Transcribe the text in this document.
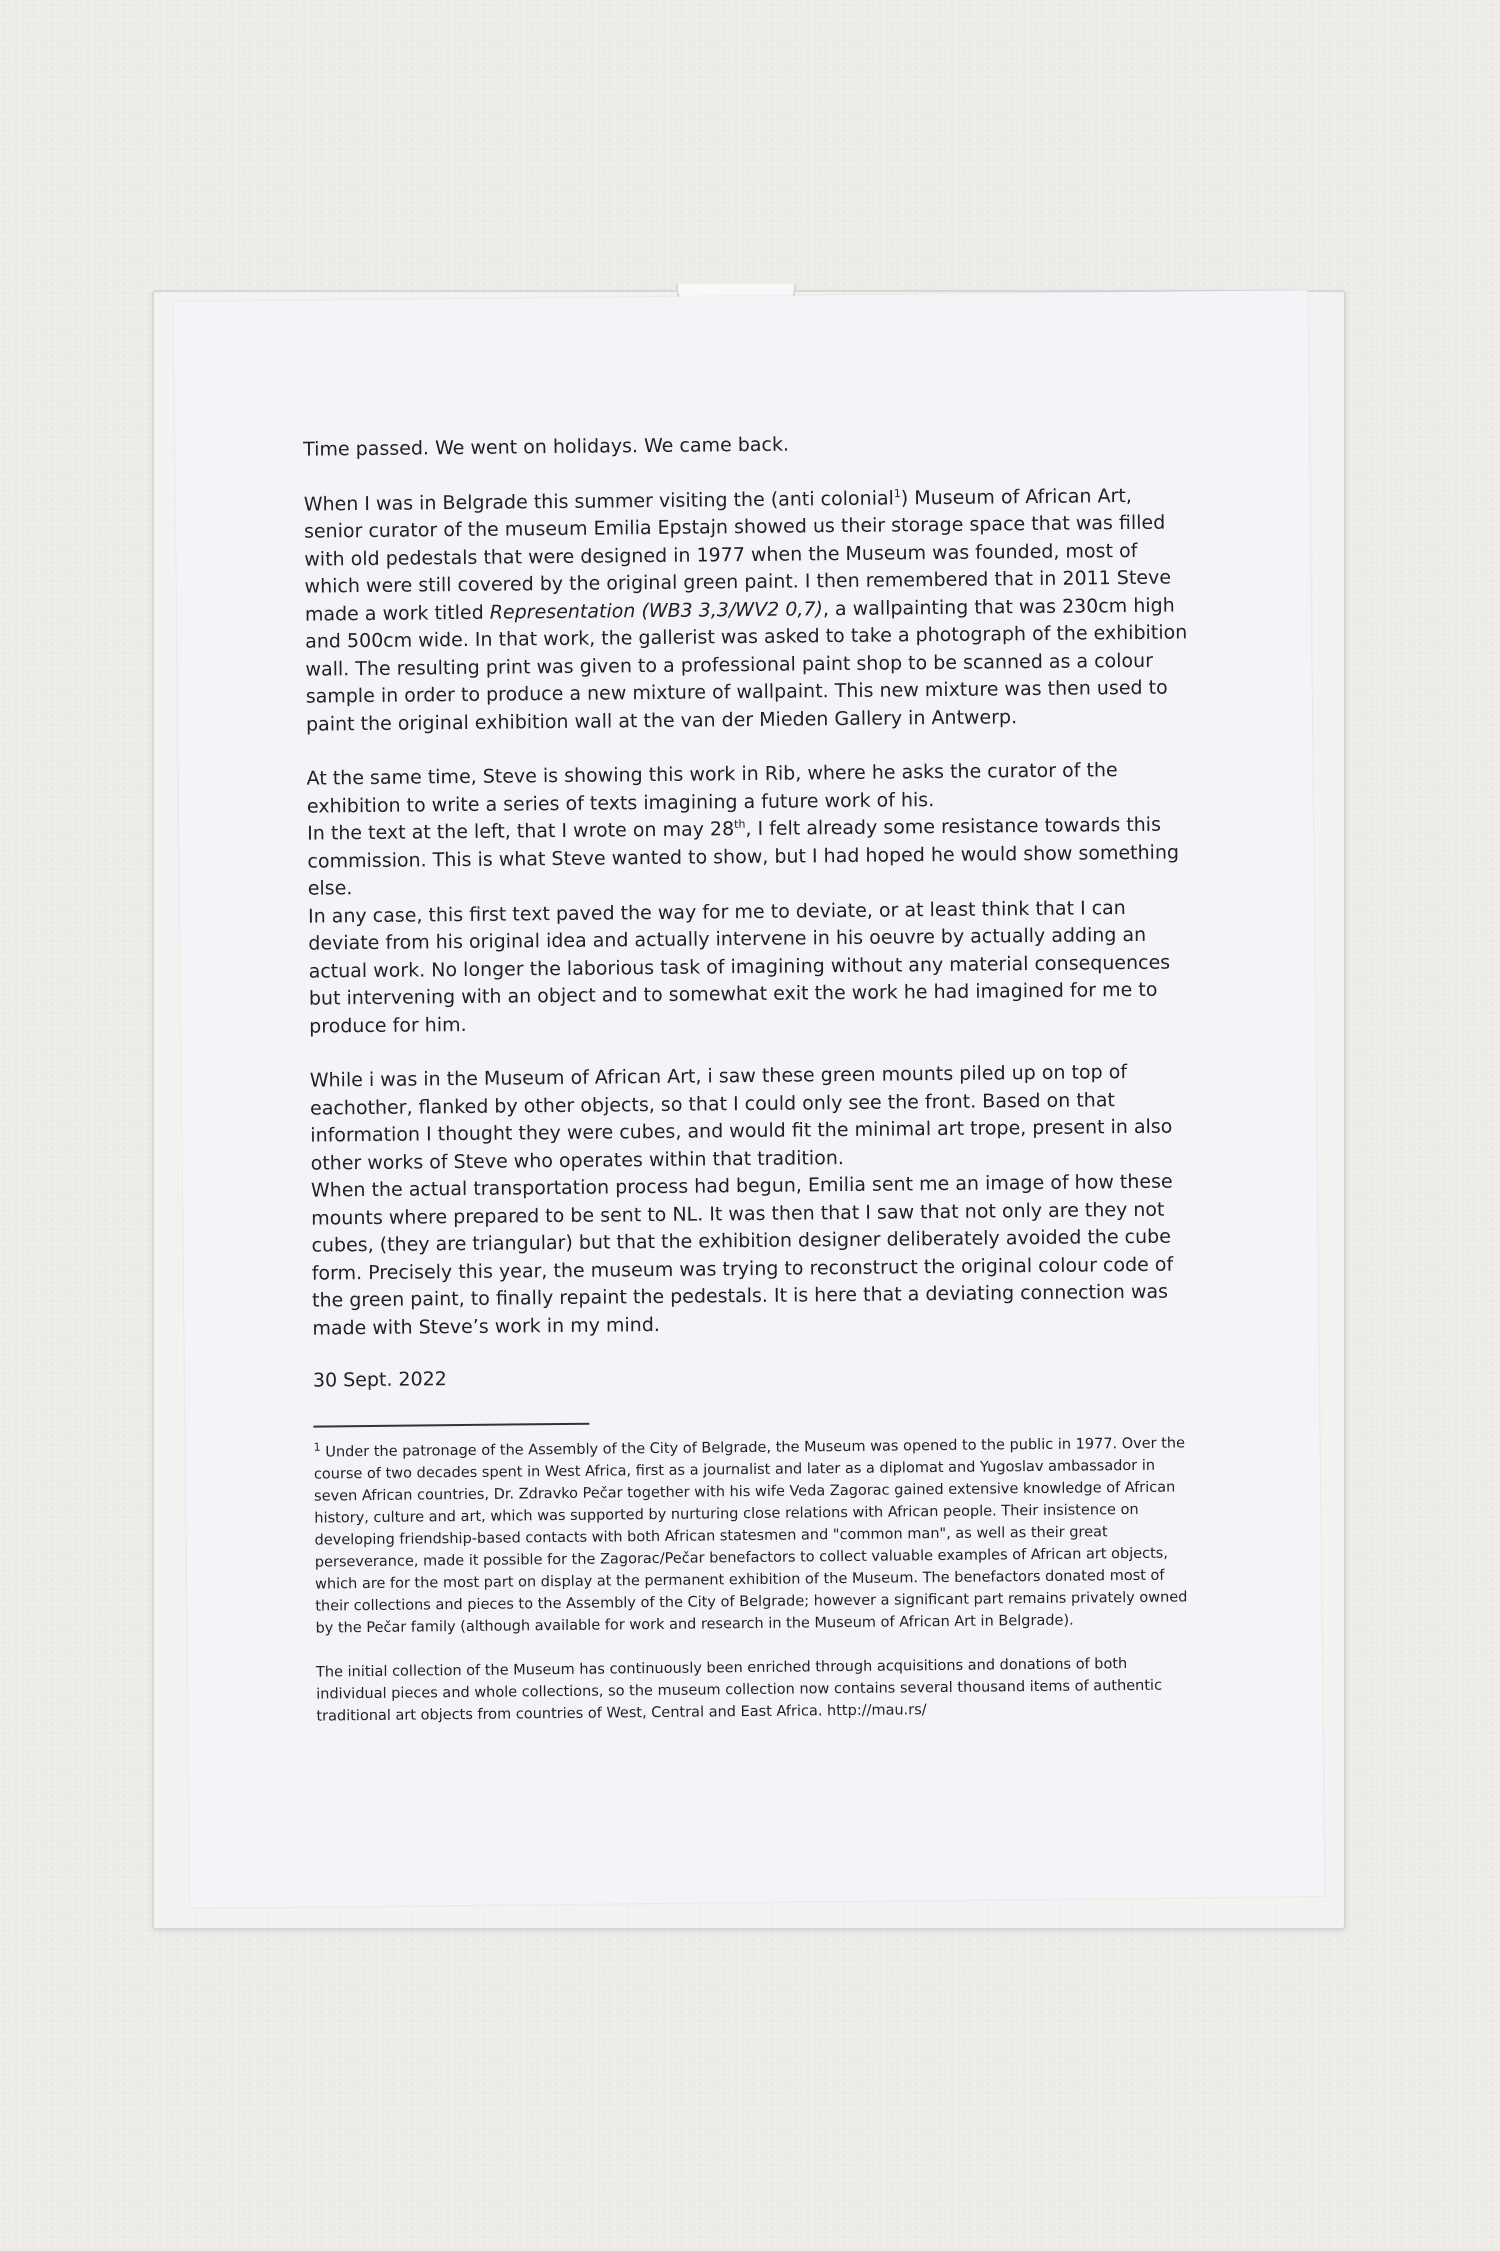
Time passed. We went on holidays. We came back.

When I was in Belgrade this summer visiting the (anti colonial$^1$) Museum of African Art, senior curator of the museum Emilia Epstajn showed us their storage space that was filled with old pedestals that were designed in 1977 when the Museum was founded, most of which were still covered by the original green paint. I then remembered that in 2011 Steve made a work titled Representation (WB3 3,3/WV2 0,7), a wallpainting that was 230cm high and 500cm wide. In that work, the gallerist was asked to take a photograph of the exhibition wall. The resulting print was given to a professional paint shop to be scanned as a colour sample in order to produce a new mixture of wallpaint. This new mixture was then used to paint the original exhibition wall at the van der Mieden Gallery in Antwerp.

At the same time, Steve is showing this work in Rib, where he asks the curator of the exhibition to write a series of texts imagining a future work of his.

In the text at the left, that I wrote on may 28th, I felt already some resistance towards this commission. This is what Steve wanted to show, but I had hoped he would show something else.

In any case, this first text paved the way for me to deviate, or at least think that I can deviate from his original idea and actually intervene in his oeuvre by actually adding an actual work. No longer the laborious task of imagining without any material consequences but intervening with an object and to somewhat exit the work he had imagined for me to produce for him.

While i was in the Museum of African Art, i saw these green mounts piled up on top of eachother, flanked by other objects, so that I could only see the front. Based on that information I thought they were cubes, and would fit the minimal art trope, present in also other works of Steve who operates within that tradition.

When the actual transportation process had begun, Emilia sent me an image of how these mounts where prepared to be sent to NL. It was then that I saw that not only are they not cubes, (they are triangular) but that the exhibition designer deliberately avoided the cube form. Precisely this year, the museum was trying to reconstruct the original colour code of the green paint, to finally repaint the pedestals. It is here that a deviating connection was made with Steve’s work in my mind.

30 Sept. 2022

$^1$ Under the patronage of the Assembly of the City of Belgrade, the Museum was opened to the public in 1977. Over the course of two decades spent in West Africa, first as a journalist and later as a diplomat and Yugoslav ambassador in seven African countries, Dr. Zdravko Pečar together with his wife Veda Zagorac gained extensive knowledge of African history, culture and art, which was supported by nurturing close relations with African people. Their insistence on developing friendship-based contacts with both African statesmen and "common man", as well as their great perseverance, made it possible for the Zagorac/Pečar benefactors to collect valuable examples of African art objects, which are for the most part on display at the permanent exhibition of the Museum. The benefactors donated most of their collections and pieces to the Assembly of the City of Belgrade; however a significant part remains privately owned by the Pečar family (although available for work and research in the Museum of African Art in Belgrade).

The initial collection of the Museum has continuously been enriched through acquisitions and donations of both individual pieces and whole collections, so the museum collection now contains several thousand items of authentic traditional art objects from countries of West, Central and East Africa. http://mau.rs/
